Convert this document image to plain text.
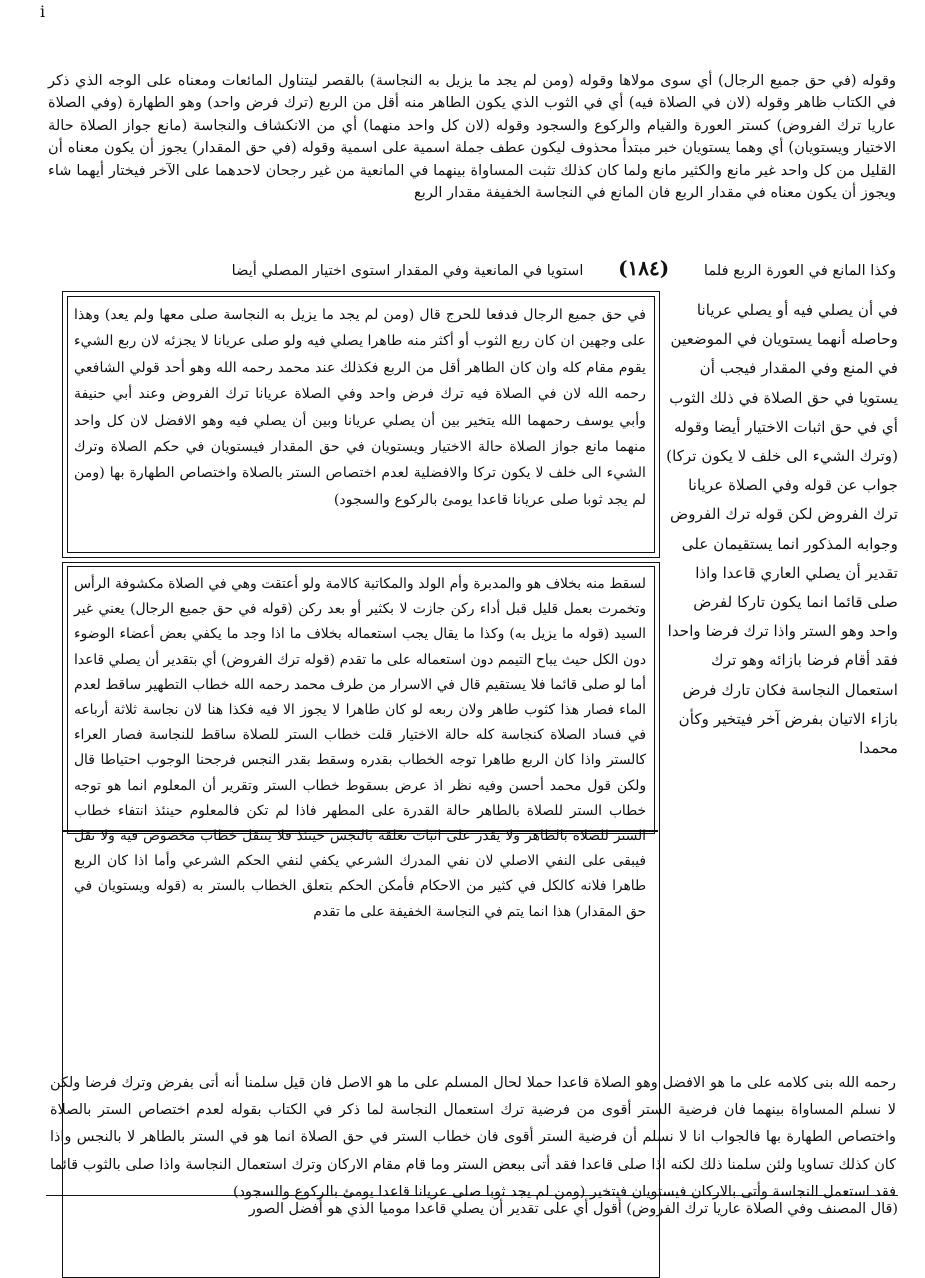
i

وقوله (في حق جميع الرجال) أي سوى مولاها وقوله (ومن لم يجد ما يزيل به النجاسة) بالقصر ليتناول المائعات ومعناه على الوجه الذي ذكر في الكتاب ظاهر وقوله (لان في الصلاة فيه) أي في الثوب الذي يكون الطاهر منه أقل من الربع (ترك فرض واحد) وهو الطهارة (وفي الصلاة عاريا ترك الفروض) كستر العورة والقيام والركوع والسجود وقوله (لان كل واحد منهما) أي من الانكشاف والنجاسة (مانع جواز الصلاة حالة الاختيار ويستويان) أي وهما يستويان خبر مبتدأ محذوف ليكون عطف جملة اسمية على اسمية وقوله (في حق المقدار) يجوز أن يكون معناه أن القليل من كل واحد غير مانع والكثير مانع ولما كان كذلك تثبت المساواة بينهما في المانعية من غير رجحان لاحدهما على الآخر فيختار أيهما شاء ويجوز أن يكون معناه في مقدار الربع فان المانع في النجاسة الخفيفة مقدار الربع

وكذا المانع في العورة الربع فلما (١٨٤) استويا في المانعية وفي المقدار استوى اختيار المصلي أيضا

في أن يصلي فيه أو يصلي عريانا وحاصله أنهما يستويان في الموضعين في المنع وفي المقدار فيجب أن يستويا في حق الصلاة في ذلك الثوب أي في حق اثبات الاختيار أيضا وقوله (وترك الشيء الى خلف لا يكون تركا) جواب عن قوله وفي الصلاة عريانا ترك الفروض لكن قوله ترك الفروض وجوابه المذكور انما يستقيمان على تقدير أن يصلي العاري قاعدا واذا صلى قائما انما يكون تاركا لفرض واحد وهو الستر واذا ترك فرضا واحدا فقد أقام فرضا بازائه وهو ترك استعمال النجاسة فكان تارك فرض بازاء الاتيان بفرض آخر فيتخير وكأن محمدا

في حق جميع الرجال فدفعا للحرج قال (ومن لم يجد ما يزيل به النجاسة صلى معها ولم يعد) وهذا على وجهين ان كان ربع الثوب أو أكثر منه طاهرا يصلي فيه ولو صلى عريانا لا يجزئه لان ربع الشيء يقوم مقام كله وان كان الطاهر أقل من الربع فكذلك عند محمد رحمه الله وهو أحد قولي الشافعي رحمه الله لان في الصلاة فيه ترك فرض واحد وفي الصلاة عريانا ترك الفروض وعند أبي حنيفة وأبي يوسف رحمهما الله يتخير بين أن يصلي عريانا وبين أن يصلي فيه وهو الافضل لان كل واحد منهما مانع جواز الصلاة حالة الاختيار ويستويان في حق المقدار فيستويان في حكم الصلاة وترك الشيء الى خلف لا يكون تركا والافضلية لعدم اختصاص الستر بالصلاة واختصاص الطهارة بها (ومن لم يجد ثوبا صلى عريانا قاعدا يومئ بالركوع والسجود)

لسقط منه بخلاف هو والمدبرة وأم الولد والمكاتبة كالامة ولو أعتقت وهي في الصلاة مكشوفة الرأس وتخمرت بعمل قليل قبل أداء ركن جازت لا بكثير أو بعد ركن (قوله في حق جميع الرجال) يعني غير السيد (قوله ما يزيل به) وكذا ما يقال يجب استعماله بخلاف ما اذا وجد ما يكفي بعض أعضاء الوضوء دون الكل حيث يباح التيمم دون استعماله على ما تقدم (قوله ترك الفروض) أي بتقدير أن يصلي قاعدا أما لو صلى قائما فلا يستقيم قال في الاسرار من طرف محمد رحمه الله خطاب التطهير ساقط لعدم الماء فصار هذا كثوب طاهر ولان ربعه لو كان طاهرا لا يجوز الا فيه فكذا هنا لان نجاسة ثلاثة أرباعه في فساد الصلاة كنجاسة كله حالة الاختيار قلت خطاب الستر للصلاة ساقط للنجاسة فصار العراء كالستر واذا كان الربع طاهرا توجه الخطاب بقدره وسقط بقدر النجس فرجحنا الوجوب احتياطا قال ولكن قول محمد أحسن وفيه نظر اذ عرض بسقوط خطاب الستر وتقرير أن المعلوم انما هو توجه خطاب الستر للصلاة بالطاهر حالة القدرة على المطهر فاذا لم تكن فالمعلوم حينئذ انتفاء خطاب الستر للصلاة بالطاهر ولا يقدر على اثبات تعلقه بالنجس حينئذ فلا ينتقل خطاب مخصوص فيه ولا نقل فيبقى على النفي الاصلي لان نفي المدرك الشرعي يكفي لنفي الحكم الشرعي وأما اذا كان الربع طاهرا فلانه كالكل في كثير من الاحكام فأمكن الحكم بتعلق الخطاب بالستر به (قوله ويستويان في حق المقدار) هذا انما يتم في النجاسة الخفيفة على ما تقدم

رحمه الله بنى كلامه على ما هو الافضل وهو الصلاة قاعدا حملا لحال المسلم على ما هو الاصل فان قيل سلمنا أنه أتى بفرض وترك فرضا ولكن لا نسلم المساواة بينهما فان فرضية الستر أقوى من فرضية ترك استعمال النجاسة لما ذكر في الكتاب بقوله لعدم اختصاص الستر بالصلاة واختصاص الطهارة بها فالجواب انا لا نسلم أن فرضية الستر أقوى فان خطاب الستر في حق الصلاة انما هو في الستر بالطاهر لا بالنجس واذا كان كذلك تساويا ولئن سلمنا ذلك لكنه اذا صلى قاعدا فقد أتى ببعض الستر وما قام مقام الاركان وترك استعمال النجاسة واذا صلى بالثوب قائما فقد استعمل النجاسة وأتى بالاركان فيستويان فيتخير (ومن لم يجد ثوبا صلى عريانا قاعدا يومئ بالركوع والسجود)

(قال المصنف وفي الصلاة عاريا ترك الفروض) أقول أي على تقدير أن يصلي قاعدا موميا الذي هو أفضل الصور
